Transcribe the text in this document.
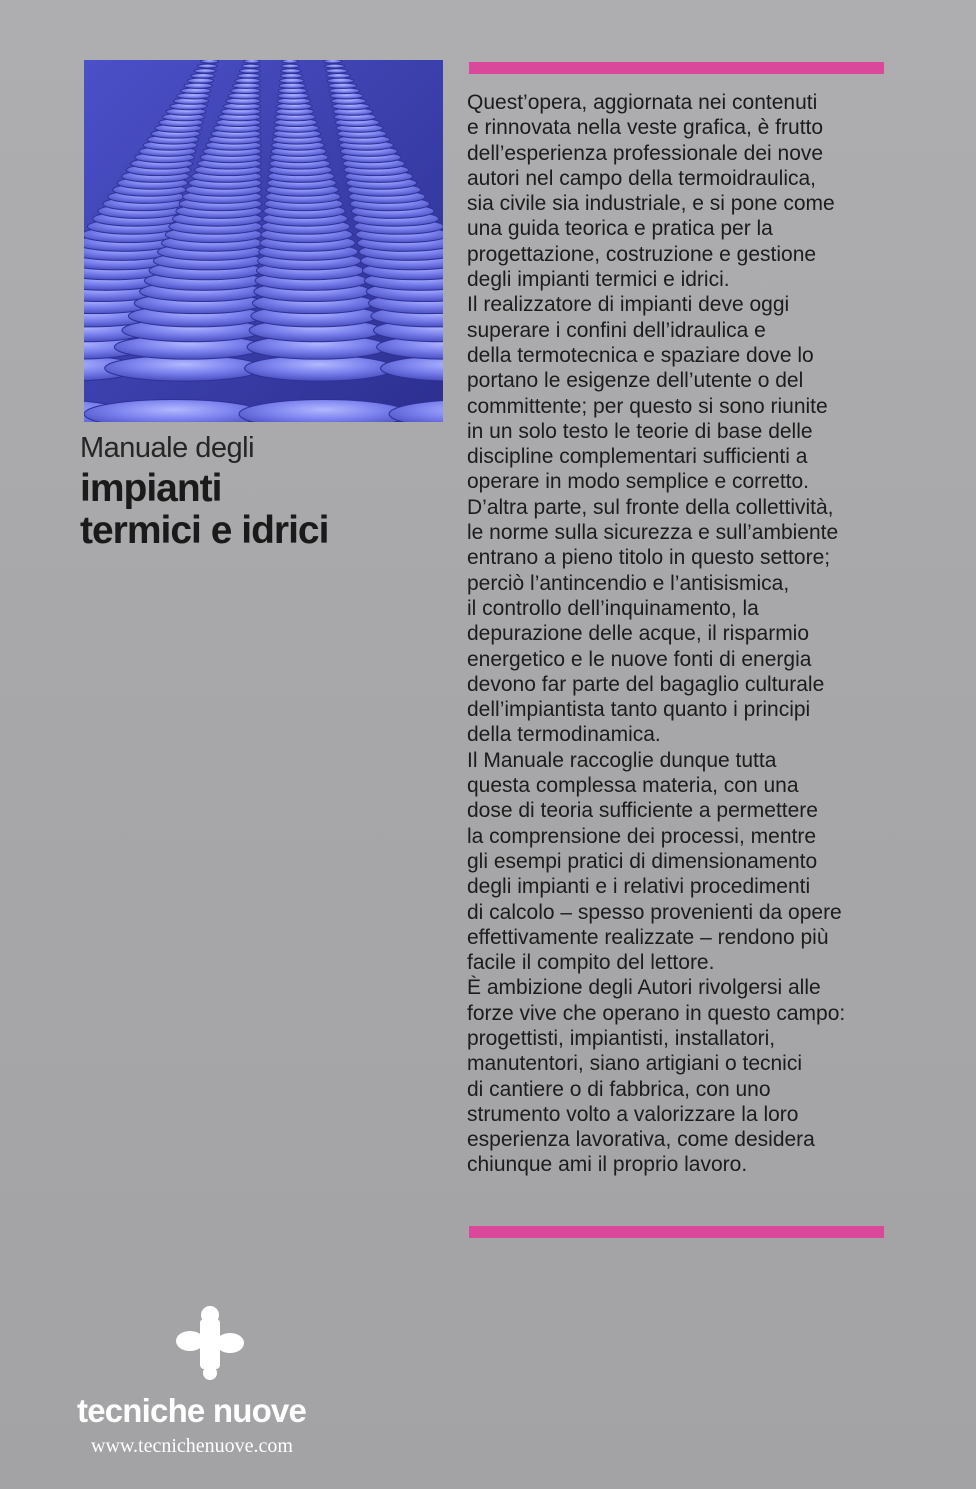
Manuale degli
impianti
termici e idrici
Quest’opera, aggiornata nei contenuti
e rinnovata nella veste grafica, è frutto
dell’esperienza professionale dei nove
autori nel campo della termoidraulica,
sia civile sia industriale, e si pone come
una guida teorica e pratica per la
progettazione, costruzione e gestione
degli impianti termici e idrici.
Il realizzatore di impianti deve oggi
superare i confini dell’idraulica e
della termotecnica e spaziare dove lo
portano le esigenze dell’utente o del
committente; per questo si sono riunite
in un solo testo le teorie di base delle
discipline complementari sufficienti a
operare in modo semplice e corretto.
D’altra parte, sul fronte della collettività,
le norme sulla sicurezza e sull’ambiente
entrano a pieno titolo in questo settore;
perciò l’antincendio e l’antisismica,
il controllo dell’inquinamento, la
depurazione delle acque, il risparmio
energetico e le nuove fonti di energia
devono far parte del bagaglio culturale
dell’impiantista tanto quanto i principi
della termodinamica.
Il Manuale raccoglie dunque tutta
questa complessa materia, con una
dose di teoria sufficiente a permettere
la comprensione dei processi, mentre
gli esempi pratici di dimensionamento
degli impianti e i relativi procedimenti
di calcolo – spesso provenienti da opere
effettivamente realizzate – rendono più
facile il compito del lettore.
È ambizione degli Autori rivolgersi alle
forze vive che operano in questo campo:
progettisti, impiantisti, installatori,
manutentori, siano artigiani o tecnici
di cantiere o di fabbrica, con uno
strumento volto a valorizzare la loro
esperienza lavorativa, come desidera
chiunque ami il proprio lavoro.
tecniche nuove
www.tecnichenuove.com
